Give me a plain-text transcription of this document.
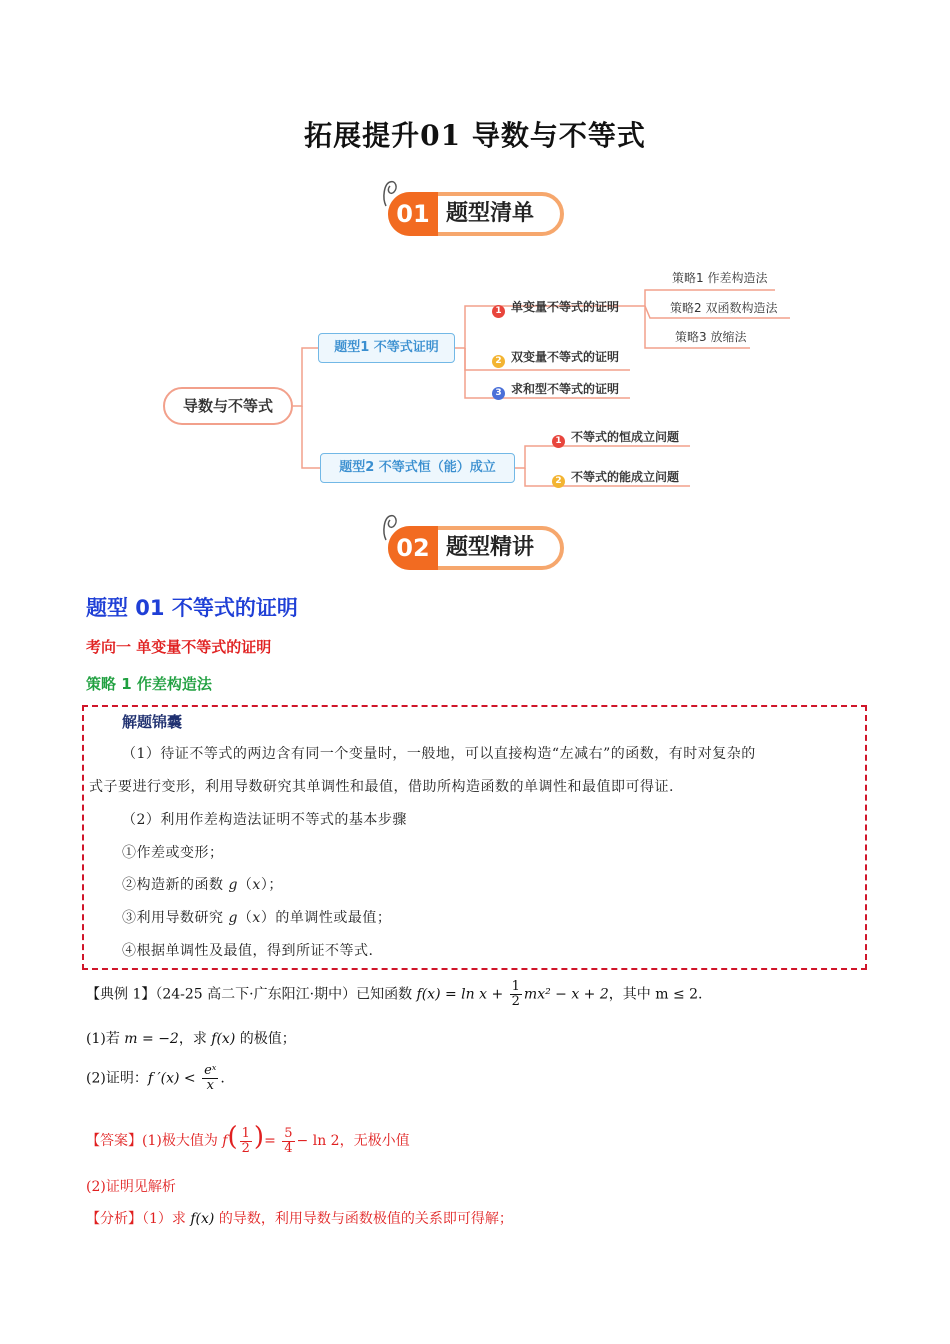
拓展提升01 导数与不等式
01 题型清单
导数与不等式
题型1 不等式证明
题型2 不等式恒（能）成立
1 单变量不等式的证明
2 双变量不等式的证明
3 求和型不等式的证明
策略1 作差构造法
策略2 双函数构造法
策略3 放缩法
1 不等式的恒成立问题
2 不等式的能成立问题
02 题型精讲
题型 01 不等式的证明
考向一 单变量不等式的证明
策略 1 作差构造法
解题锦囊
（1）待证不等式的两边含有同一个变量时，一般地，可以直接构造“左减右”的函数，有时对复杂的
式子要进行变形，利用导数研究其单调性和最值，借助所构造函数的单调性和最值即可得证.
（2）利用作差构造法证明不等式的基本步骤
①作差或变形；
②构造新的函数 g（x）；
③利用导数研究 g（x）的单调性或最值；
④根据单调性及最值，得到所证不等式.
【典例 1】（24-25 高二下·广东阳江·期中）已知函数 $f(x) = \ln x + \frac{1}{2} mx^2 - x + 2$，其中 m ≤ 2.
(1)若 m = −2，求 f(x) 的极值；
(2)证明：f $'(x) < \frac{\text{eˣ}}{x}$ .
【答案】(1)极大值为 $f( \frac{1}{2}$ )= $\frac{5}{4} - \ln 2$，无极小值
(2)证明见解析
【分析】（1）求 f(x) 的导数，利用导数与函数极值的关系即可得解；
